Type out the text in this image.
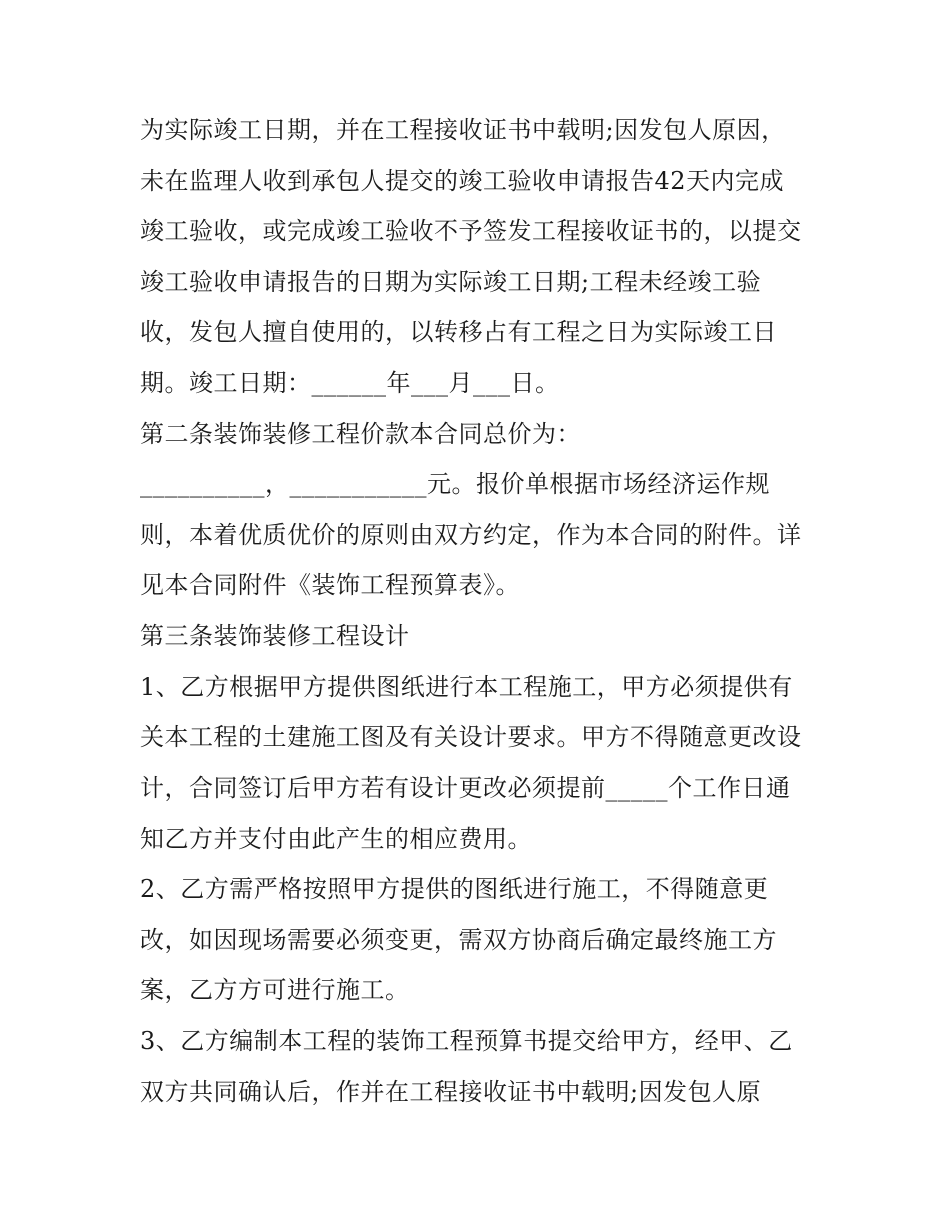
为实际竣工日期，并在工程接收证书中载明;因发包人原因，
未在监理人收到承包人提交的竣工验收申请报告42天内完成
竣工验收，或完成竣工验收不予签发工程接收证书的，以提交
竣工验收申请报告的日期为实际竣工日期;工程未经竣工验
收，发包人擅自使用的，以转移占有工程之日为实际竣工日
期。竣工日期：______年___月___日。
第二条装饰装修工程价款本合同总价为：
__________，___________元。报价单根据市场经济运作规
则，本着优质优价的原则由双方约定，作为本合同的附件。详
见本合同附件《装饰工程预算表》。
第三条装饰装修工程设计
1、乙方根据甲方提供图纸进行本工程施工，甲方必须提供有
关本工程的土建施工图及有关设计要求。甲方不得随意更改设
计，合同签订后甲方若有设计更改必须提前_____个工作日通
知乙方并支付由此产生的相应费用。
2、乙方需严格按照甲方提供的图纸进行施工，不得随意更
改，如因现场需要必须变更，需双方协商后确定最终施工方
案，乙方方可进行施工。
3、乙方编制本工程的装饰工程预算书提交给甲方，经甲、乙
双方共同确认后，作并在工程接收证书中载明;因发包人原
